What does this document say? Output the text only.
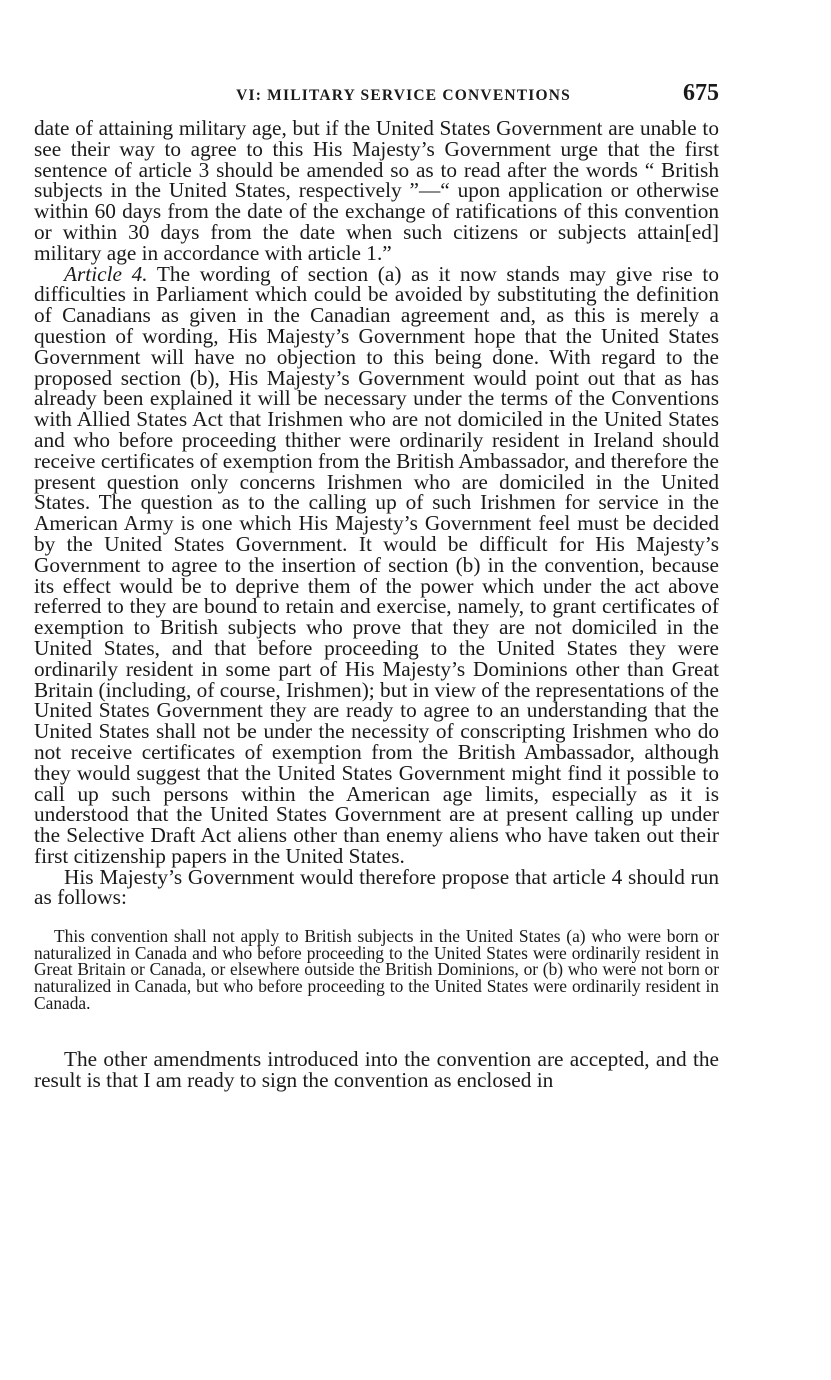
VI: MILITARY SERVICE CONVENTIONS	675

date of attaining military age, but if the United States Government are unable to see their way to agree to this His Majesty’s Government urge that the first sentence of article 3 should be amended so as to read after the words “ British subjects in the United States, respectively ”—“ upon application or otherwise within 60 days from the date of the exchange of ratifications of this convention or within 30 days from the date when such citizens or subjects attain[ed] military age in accordance with article 1.”

Article 4. The wording of section (a) as it now stands may give rise to difficulties in Parliament which could be avoided by substituting the definition of Canadians as given in the Canadian agreement and, as this is merely a question of wording, His Majesty’s Government hope that the United States Government will have no objection to this being done. With regard to the proposed section (b), His Majesty’s Government would point out that as has already been explained it will be necessary under the terms of the Conventions with Allied States Act that Irishmen who are not domiciled in the United States and who before proceeding thither were ordinarily resident in Ireland should receive certificates of exemption from the British Ambassador, and therefore the present question only concerns Irishmen who are domiciled in the United States. The question as to the calling up of such Irishmen for service in the American Army is one which His Majesty’s Government feel must be decided by the United States Government. It would be difficult for His Majesty’s Government to agree to the insertion of section (b) in the convention, because its effect would be to deprive them of the power which under the act above referred to they are bound to retain and exercise, namely, to grant certificates of exemption to British subjects who prove that they are not domiciled in the United States, and that before proceeding to the United States they were ordinarily resident in some part of His Majesty’s Dominions other than Great Britain (including, of course, Irishmen); but in view of the representations of the United States Government they are ready to agree to an understanding that the United States shall not be under the necessity of conscripting Irishmen who do not receive certificates of exemption from the British Ambassador, although they would suggest that the United States Government might find it possible to call up such persons within the American age limits, especially as it is understood that the United States Government are at present calling up under the Selective Draft Act aliens other than enemy aliens who have taken out their first citizenship papers in the United States.

His Majesty’s Government would therefore propose that article 4 should run as follows:

This convention shall not apply to British subjects in the United States (a) who were born or naturalized in Canada and who before proceeding to the United States were ordinarily resident in Great Britain or Canada, or elsewhere outside the British Dominions, or (b) who were not born or naturalized in Canada, but who before proceeding to the United States were ordinarily resident in Canada.

The other amendments introduced into the convention are accepted, and the result is that I am ready to sign the convention as enclosed in
